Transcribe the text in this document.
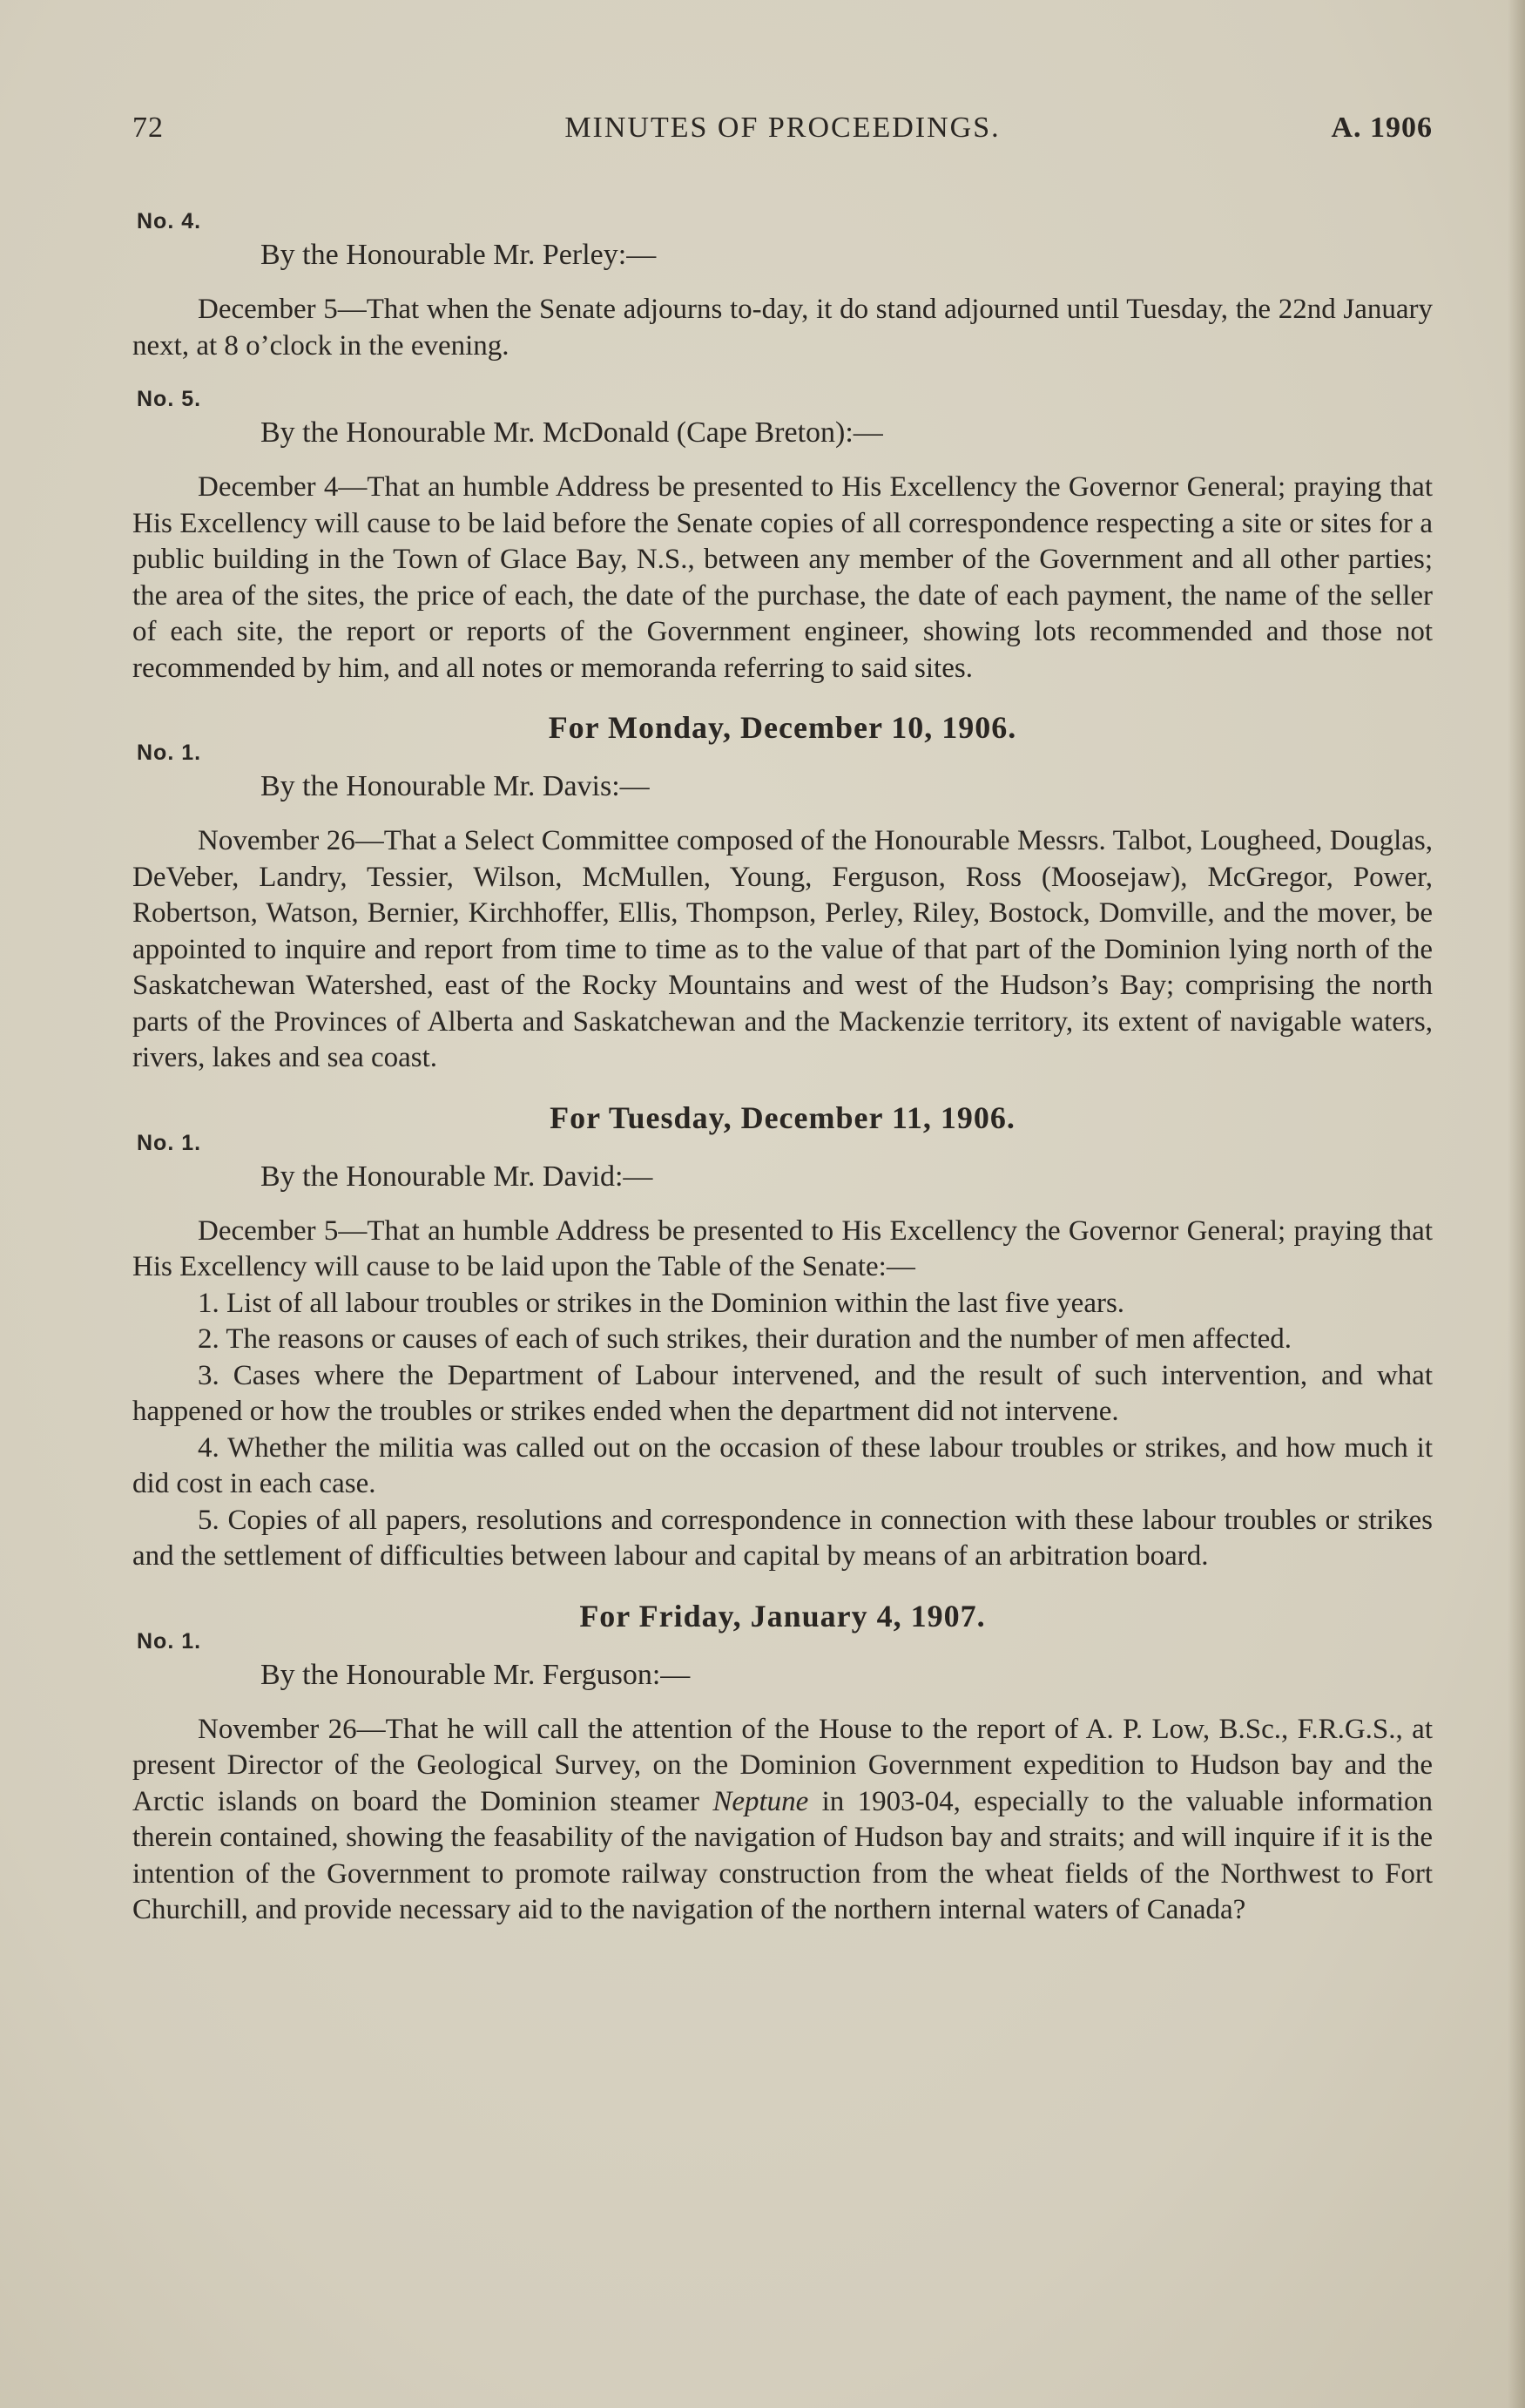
72	MINUTES OF PROCEEDINGS.	A. 1906
No. 4.
By the Honourable Mr. Perley:—

December 5—That when the Senate adjourns to-day, it do stand adjourned until Tuesday, the 22nd January next, at 8 o’clock in the evening.

No. 5.
By the Honourable Mr. McDonald (Cape Breton):—

December 4—That an humble Address be presented to His Excellency the Governor General; praying that His Excellency will cause to be laid before the Senate copies of all correspondence respecting a site or sites for a public building in the Town of Glace Bay, N.S., between any member of the Government and all other parties; the area of the sites, the price of each, the date of the purchase, the date of each payment, the name of the seller of each site, the report or reports of the Government engineer, showing lots recommended and those not recommended by him, and all notes or memoranda referring to said sites.

For Monday, December 10, 1906.
No. 1.
By the Honourable Mr. Davis:—

November 26—That a Select Committee composed of the Honourable Messrs. Talbot, Lougheed, Douglas, DeVeber, Landry, Tessier, Wilson, McMullen, Young, Ferguson, Ross (Moosejaw), McGregor, Power, Robertson, Watson, Bernier, Kirchhoffer, Ellis, Thompson, Perley, Riley, Bostock, Domville, and the mover, be appointed to inquire and report from time to time as to the value of that part of the Dominion lying north of the Saskatchewan Watershed, east of the Rocky Mountains and west of the Hudson’s Bay; comprising the north parts of the Provinces of Alberta and Saskatchewan and the Mackenzie territory, its extent of navigable waters, rivers, lakes and sea coast.

For Tuesday, December 11, 1906.
No. 1.
By the Honourable Mr. David:—

December 5—That an humble Address be presented to His Excellency the Governor General; praying that His Excellency will cause to be laid upon the Table of the Senate:—

1. List of all labour troubles or strikes in the Dominion within the last five years.

2. The reasons or causes of each of such strikes, their duration and the number of men affected.

3. Cases where the Department of Labour intervened, and the result of such intervention, and what happened or how the troubles or strikes ended when the department did not intervene.

4. Whether the militia was called out on the occasion of these labour troubles or strikes, and how much it did cost in each case.

5. Copies of all papers, resolutions and correspondence in connection with these labour troubles or strikes and the settlement of difficulties between labour and capital by means of an arbitration board.

For Friday, January 4, 1907.
No. 1.
By the Honourable Mr. Ferguson:—

November 26—That he will call the attention of the House to the report of A. P. Low, B.Sc., F.R.G.S., at present Director of the Geological Survey, on the Dominion Government expedition to Hudson bay and the Arctic islands on board the Dominion steamer Neptune in 1903-04, especially to the valuable information therein contained, showing the feasability of the navigation of Hudson bay and straits; and will inquire if it is the intention of the Government to promote railway construction from the wheat fields of the Northwest to Fort Churchill, and provide necessary aid to the navigation of the northern internal waters of Canada?
